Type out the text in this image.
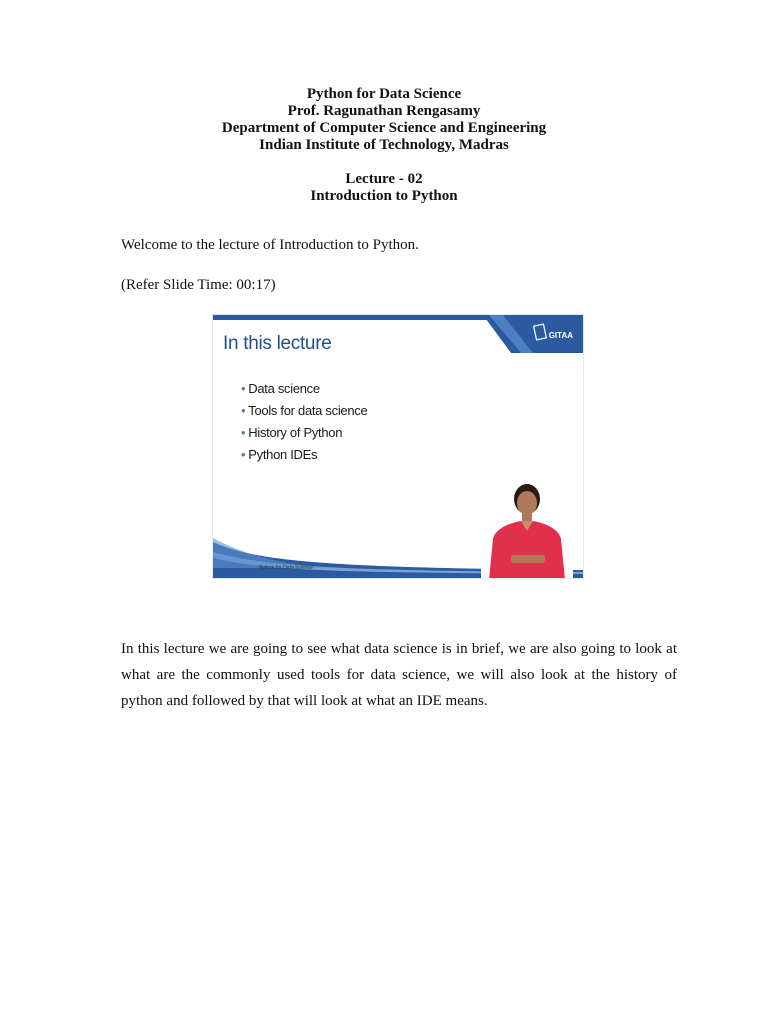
Python for Data Science
Prof. Ragunathan Rengasamy
Department of Computer Science and Engineering
Indian Institute of Technology, Madras
Lecture - 02
Introduction to Python
Welcome to the lecture of Introduction to Python.
(Refer Slide Time: 00:17)
GITAA
In this lecture
• Data science
• Tools for data science
• History of Python
• Python IDEs
Python for Data Science
In this lecture we are going to see what data science is in brief, we are also going to look at what are the commonly used tools for data science, we will also look at the history of python and followed by that will look at what an IDE means.
